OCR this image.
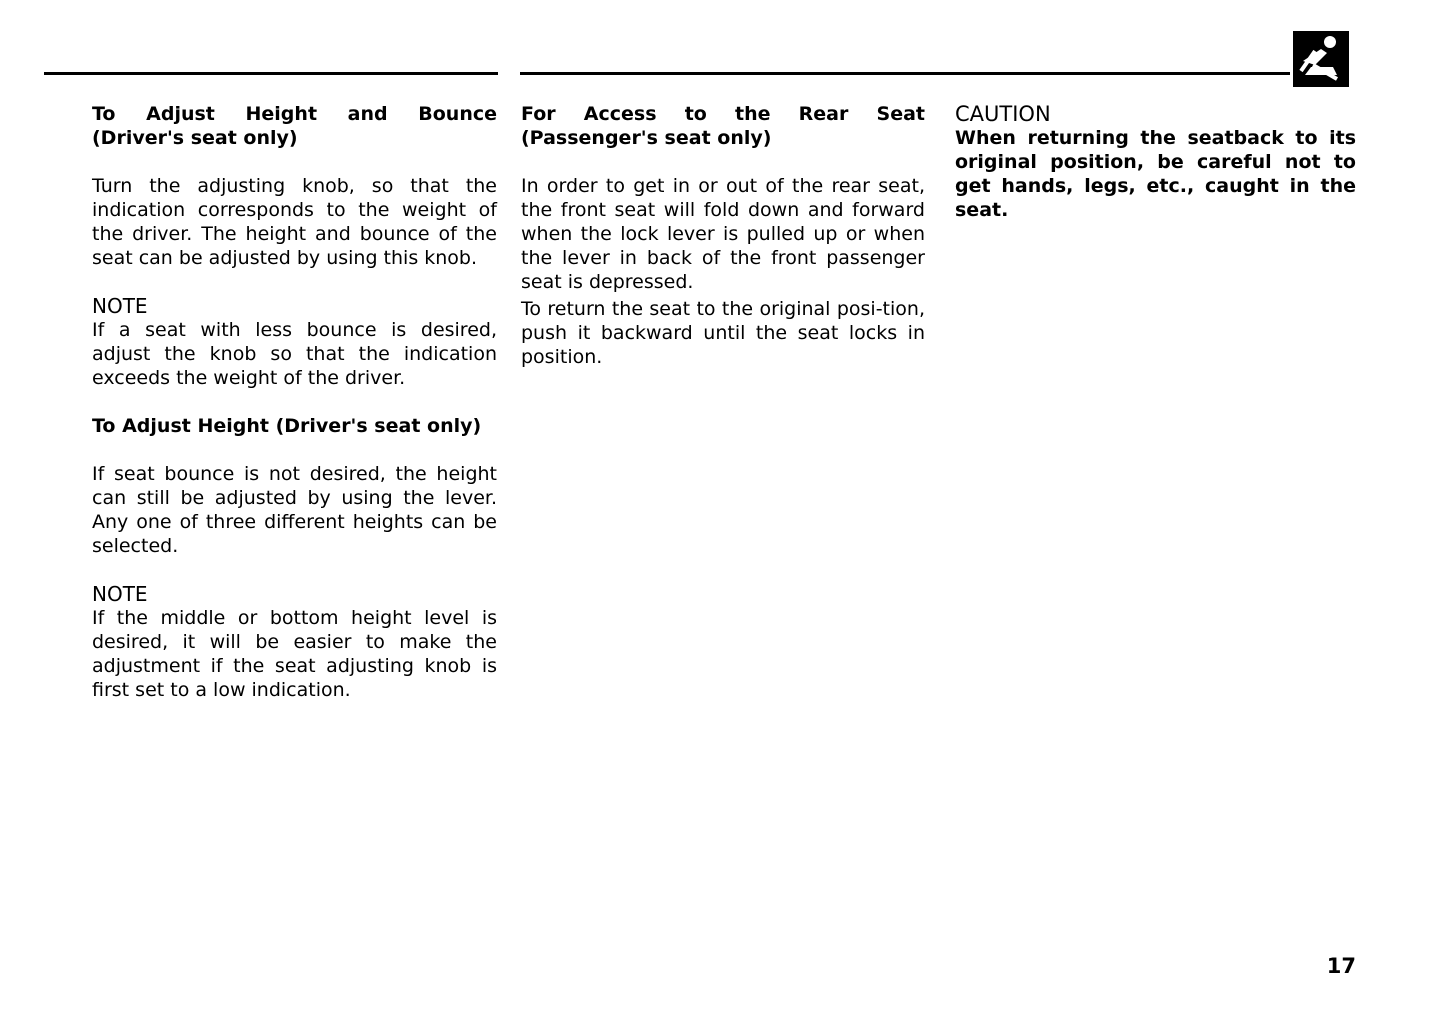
To Adjust Height and Bounce (Driver's seat only)

Turn the adjusting knob, so that the indication corresponds to the weight of the driver. The height and bounce of the seat can be adjusted by using this knob.

NOTE

If a seat with less bounce is desired, adjust the knob so that the indication exceeds the weight of the driver.

To Adjust Height (Driver's seat only)

If seat bounce is not desired, the height can still be adjusted by using the lever. Any one of three different heights can be selected.

NOTE

If the middle or bottom height level is desired, it will be easier to make the adjustment if the seat adjusting knob is first set to a low indication.

For Access to the Rear Seat (Passenger's seat only)

In order to get in or out of the rear seat, the front seat will fold down and forward when the lock lever is pulled up or when the lever in back of the front passenger seat is depressed.

To return the seat to the original posi-tion, push it backward until the seat locks in position.

CAUTION

When returning the seatback to its original position, be careful not to get hands, legs, etc., caught in the seat.

17
